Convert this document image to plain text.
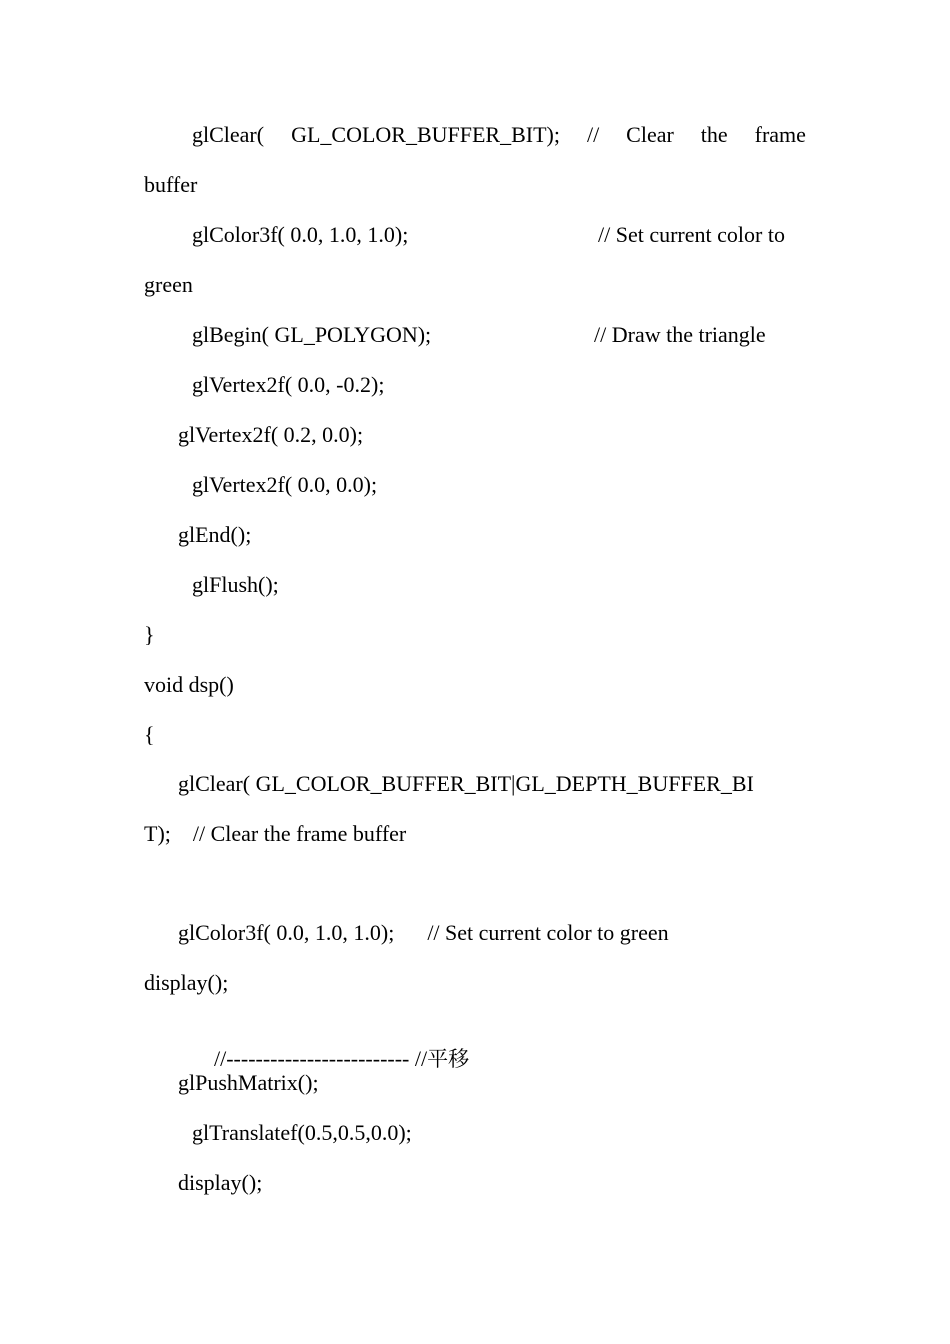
glClear( GL_COLOR_BUFFER_BIT); // Clear the frame
buffer
glColor3f( 0.0, 1.0, 1.0);	// Set current color to
green
glBegin( GL_POLYGON);	// Draw the triangle
glVertex2f( 0.0, -0.2);
glVertex2f( 0.2, 0.0);
glVertex2f( 0.0, 0.0);
glEnd();
glFlush();
}
void dsp()
{
glClear( GL_COLOR_BUFFER_BIT|GL_DEPTH_BUFFER_BI
T);    // Clear the frame buffer
glColor3f( 0.0, 1.0, 1.0);      // Set current color to green
display();

//------------------------- //平移

glPushMatrix();
glTranslatef(0.5,0.5,0.0);
display();
